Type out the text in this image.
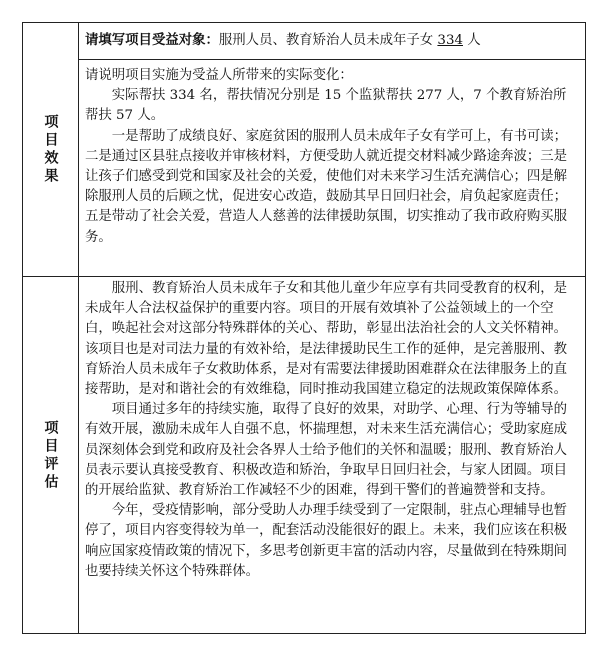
项目效果
项目评估

请填写项目受益对象：服刑人员、教育矫治人员未成年子女 334 人

请说明项目实施为受益人所带来的实际变化：

实际帮扶 334 名，帮扶情况分别是 15 个监狱帮扶 277 人，7 个教育矫治所帮扶 57 人。

一是帮助了成绩良好、家庭贫困的服刑人员未成年子女有学可上，有书可读；二是通过区县驻点接收并审核材料，方便受助人就近提交材料减少路途奔波；三是让孩子们感受到党和国家及社会的关爱，使他们对未来学习生活充满信心；四是解除服刑人员的后顾之忧，促进安心改造，鼓励其早日回归社会，肩负起家庭责任；五是带动了社会关爱，营造人人慈善的法律援助氛围，切实推动了我市政府购买服务。

服刑、教育矫治人员未成年子女和其他儿童少年应享有共同受教育的权利，是未成年人合法权益保护的重要内容。项目的开展有效填补了公益领域上的一个空白，唤起社会对这部分特殊群体的关心、帮助，彰显出法治社会的人文关怀精神。该项目也是对司法力量的有效补给，是法律援助民生工作的延伸，是完善服刑、教育矫治人员未成年子女救助体系，是对有需要法律援助困难群众在法律服务上的直接帮助，是对和谐社会的有效维稳，同时推动我国建立稳定的法规政策保障体系。

项目通过多年的持续实施，取得了良好的效果，对助学、心理、行为等辅导的有效开展，激励未成年人自强不息，怀揣理想，对未来生活充满信心；受助家庭成员深刻体会到党和政府及社会各界人士给予他们的关怀和温暖；服刑、教育矫治人员表示要认真接受教育、积极改造和矫治，争取早日回归社会，与家人团圆。项目的开展给监狱、教育矫治工作减轻不少的困难，得到干警们的普遍赞誉和支持。

今年，受疫情影响，部分受助人办理手续受到了一定限制，驻点心理辅导也暂停了，项目内容变得较为单一，配套活动没能很好的跟上。未来，我们应该在积极响应国家疫情政策的情况下，多思考创新更丰富的活动内容，尽量做到在特殊期间也要持续关怀这个特殊群体。
